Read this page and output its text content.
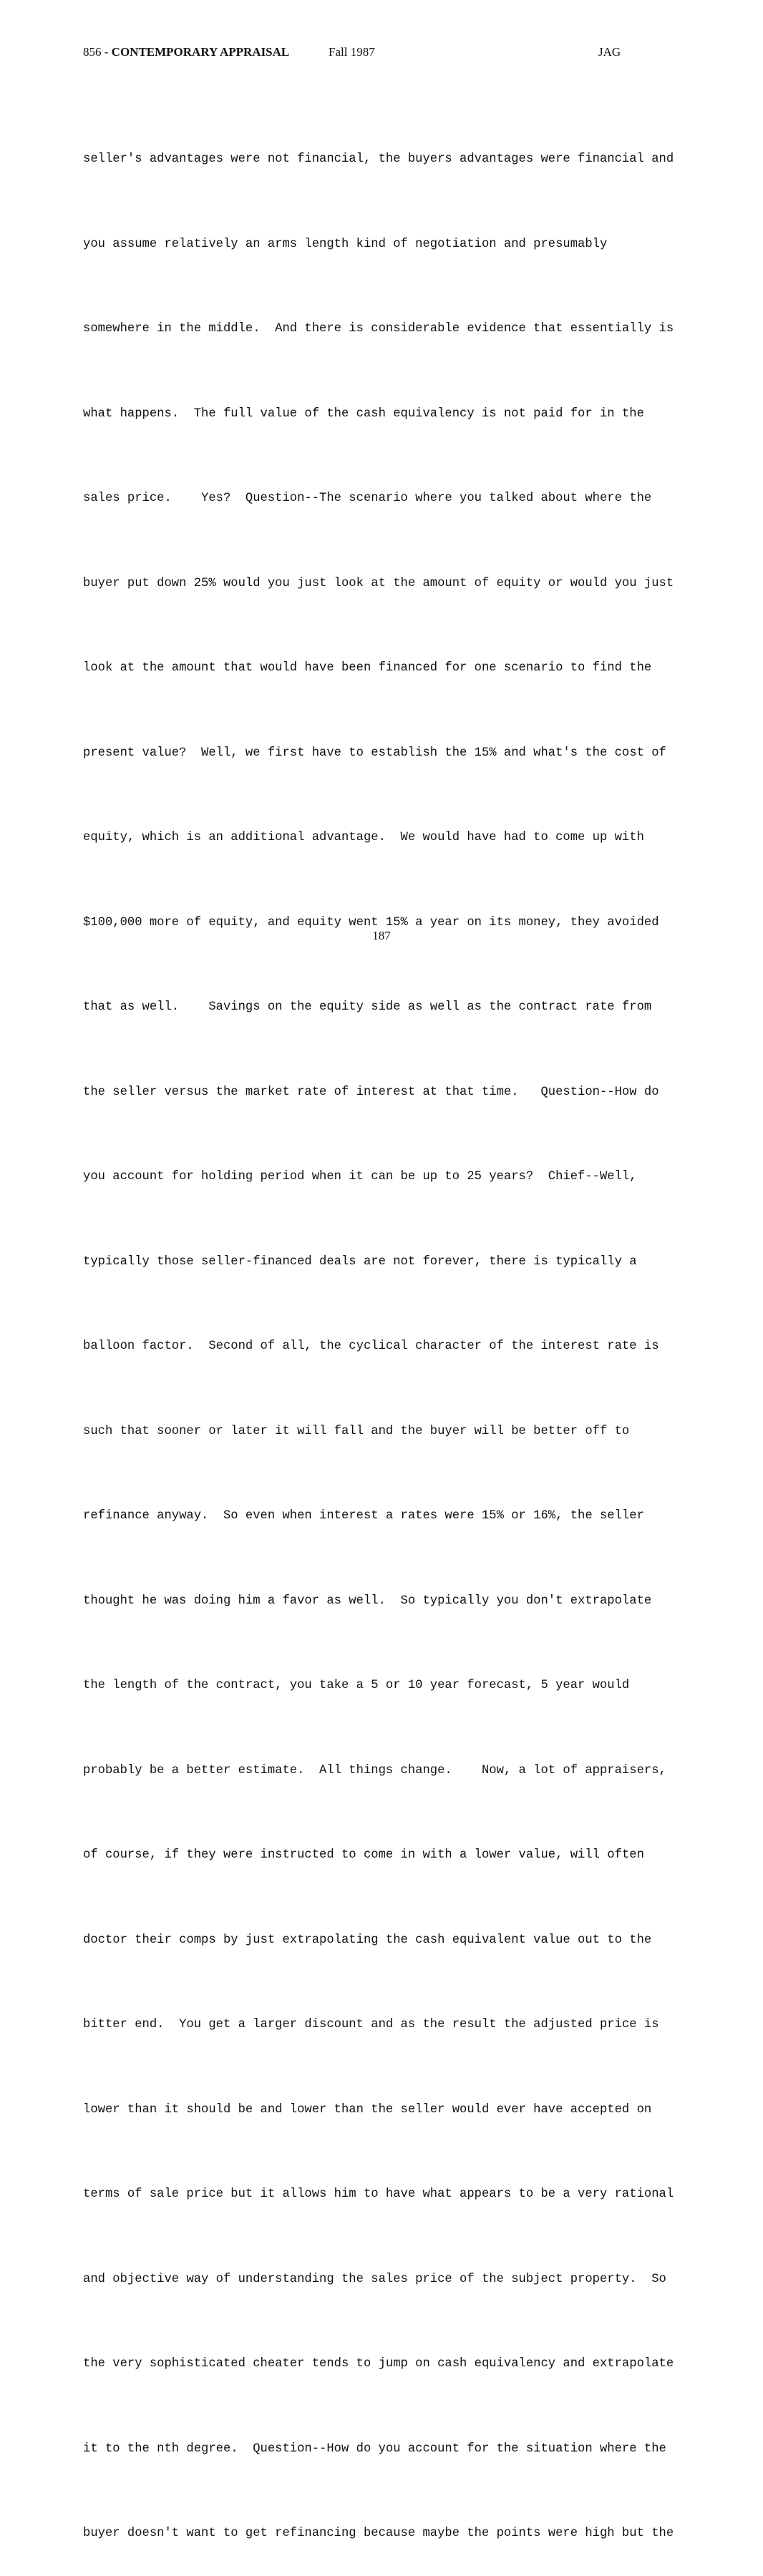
856 - CONTEMPORARY APPRAISAL	Fall 1987	JAG

seller's advantages were not financial, the buyers advantages were financial and

you assume relatively an arms length kind of negotiation and presumably

somewhere in the middle.  And there is considerable evidence that essentially is

what happens.  The full value of the cash equivalency is not paid for in the

sales price.    Yes?  Question--The scenario where you talked about where the

buyer put down 25% would you just look at the amount of equity or would you just

look at the amount that would have been financed for one scenario to find the

present value?  Well, we first have to establish the 15% and what's the cost of

equity, which is an additional advantage.  We would have had to come up with

$100,000 more of equity, and equity went 15% a year on its money, they avoided

that as well.    Savings on the equity side as well as the contract rate from

the seller versus the market rate of interest at that time.   Question--How do

you account for holding period when it can be up to 25 years?  Chief--Well,

typically those seller-financed deals are not forever, there is typically a

balloon factor.  Second of all, the cyclical character of the interest rate is

such that sooner or later it will fall and the buyer will be better off to

refinance anyway.  So even when interest a rates were 15% or 16%, the seller

thought he was doing him a favor as well.  So typically you don't extrapolate

the length of the contract, you take a 5 or 10 year forecast, 5 year would

probably be a better estimate.  All things change.    Now, a lot of appraisers,

of course, if they were instructed to come in with a lower value, will often

doctor their comps by just extrapolating the cash equivalent value out to the

bitter end.  You get a larger discount and as the result the adjusted price is

lower than it should be and lower than the seller would ever have accepted on

terms of sale price but it allows him to have what appears to be a very rational

and objective way of understanding the sales price of the subject property.  So

the very sophisticated cheater tends to jump on cash equivalency and extrapolate

it to the nth degree.  Question--How do you account for the situation where the

buyer doesn't want to get refinancing because maybe the points were high but the

187
